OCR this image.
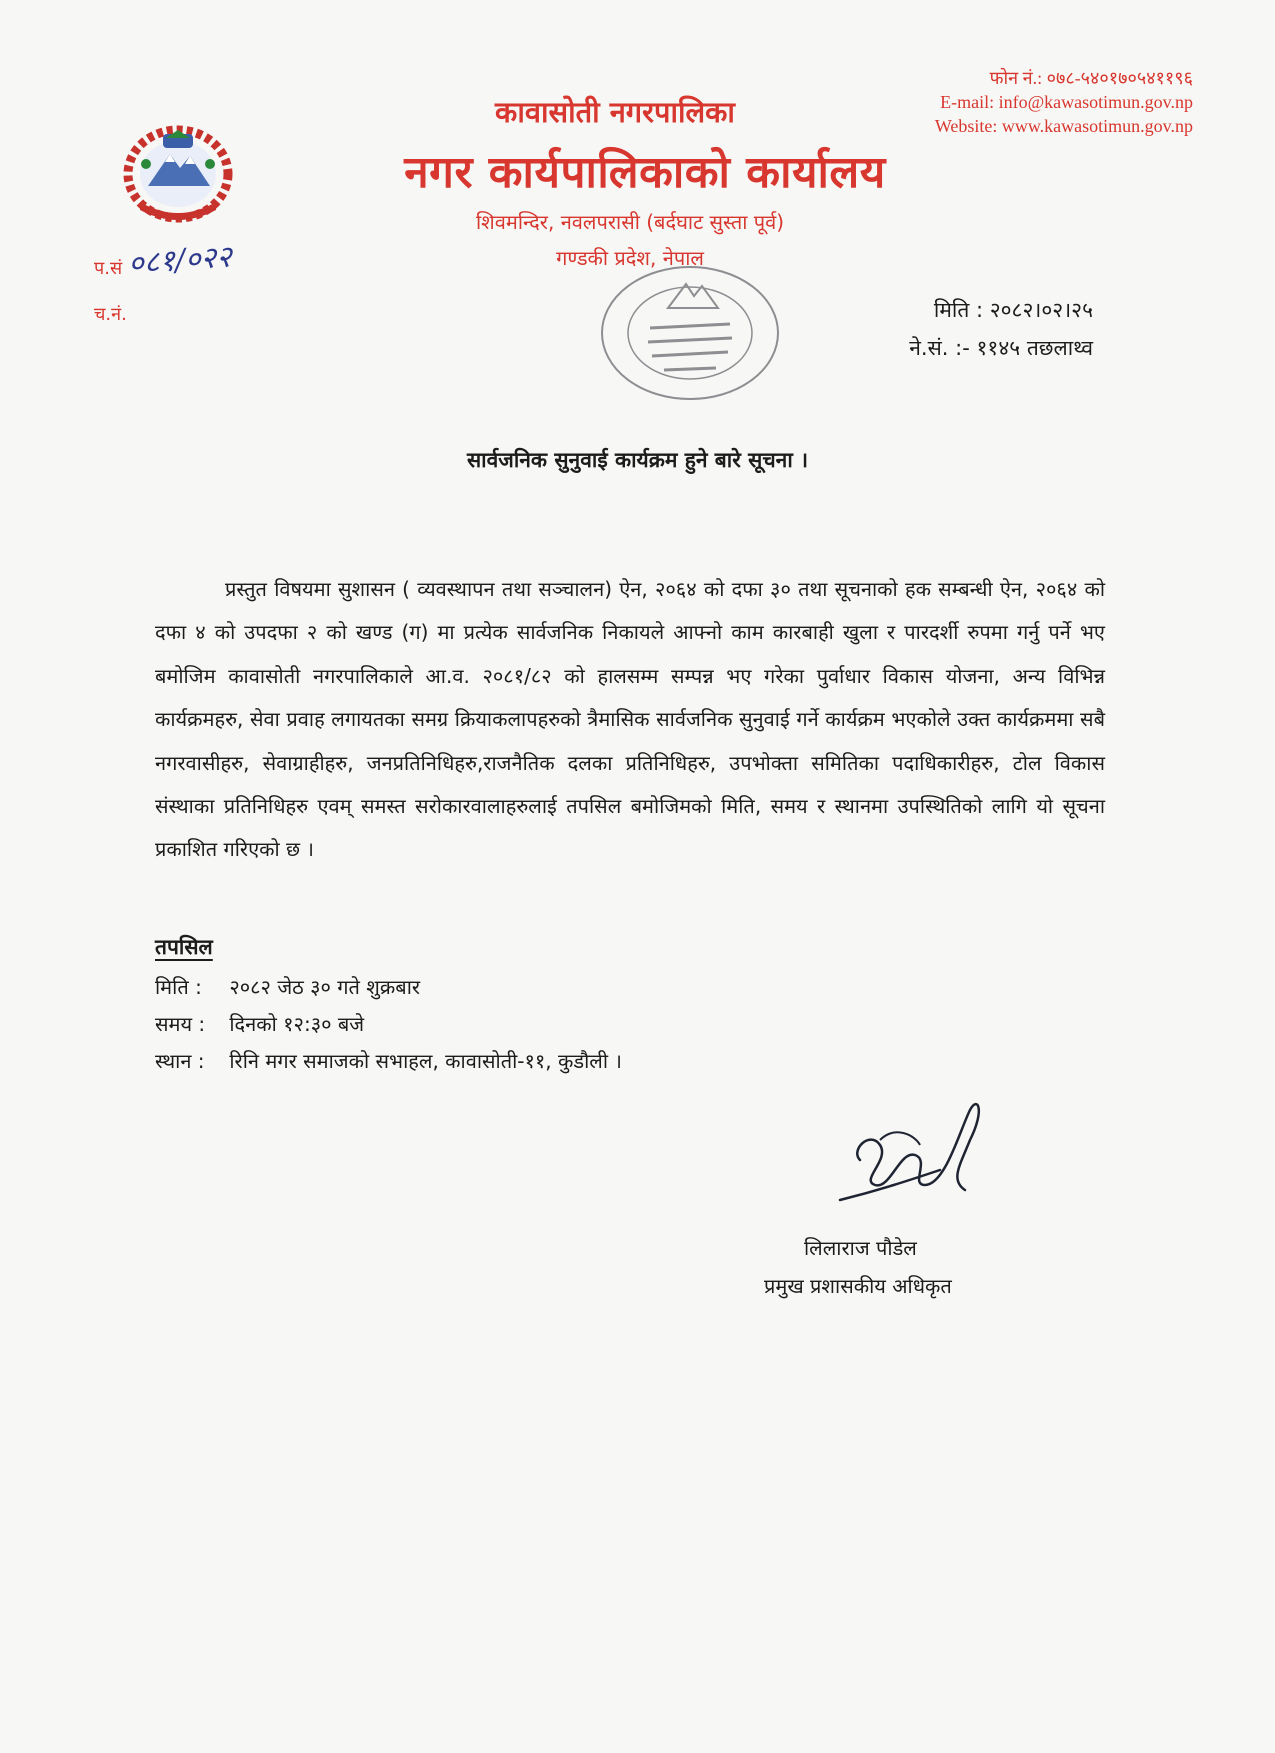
कावासोती नगरपालिका
नगर कार्यपालिकाको कार्यालय
शिवमन्दिर, नवलपरासी (बर्दघाट सुस्ता पूर्व)
गण्डकी प्रदेश, नेपाल
फोन नं.: ०७८-५४०१७०५४११९६
E-mail: info@kawasotimun.gov.np
Website: www.kawasotimun.gov.np
प.सं ०८१/०२२
च.नं.	मिति : २०८२।०२।२५
ने.सं. :- ११४५ तछलाथ्व
सार्वजनिक सुनुवाई कार्यक्रम हुने बारे सूचना ।
प्रस्तुत विषयमा सुशासन ( व्यवस्थापन तथा सञ्चालन) ऐन, २०६४ को दफा ३० तथा सूचनाको हक सम्बन्धी ऐन, २०६४ को दफा ४ को उपदफा २ को खण्ड (ग) मा प्रत्येक सार्वजनिक निकायले आफ्नो काम कारबाही खुला र पारदर्शी रुपमा गर्नु पर्ने भए बमोजिम कावासोती नगरपालिकाले आ.व. २०८१/८२ को हालसम्म सम्पन्न भए गरेका पुर्वाधार विकास योजना, अन्य विभिन्न कार्यक्रमहरु, सेवा प्रवाह लगायतका समग्र क्रियाकलापहरुको त्रैमासिक सार्वजनिक सुनुवाई गर्ने कार्यक्रम भएकोले उक्त कार्यक्रममा सबै नगरवासीहरु, सेवाग्राहीहरु, जनप्रतिनिधिहरु,राजनैतिक दलका प्रतिनिधिहरु, उपभोक्ता समितिका पदाधिकारीहरु, टोल विकास संस्थाका प्रतिनिधिहरु एवम् समस्त सरोकारवालाहरुलाई तपसिल बमोजिमको मिति, समय र स्थानमा उपस्थितिको लागि यो सूचना प्रकाशित गरिएको छ ।
तपसिल
मिति : २०८२ जेठ ३० गते शुक्रबार
समय : दिनको १२:३० बजे
स्थान : रिनि मगर समाजको सभाहल, कावासोती-११, कुडौली ।
लिलाराज पौडेल
प्रमुख प्रशासकीय अधिकृत
